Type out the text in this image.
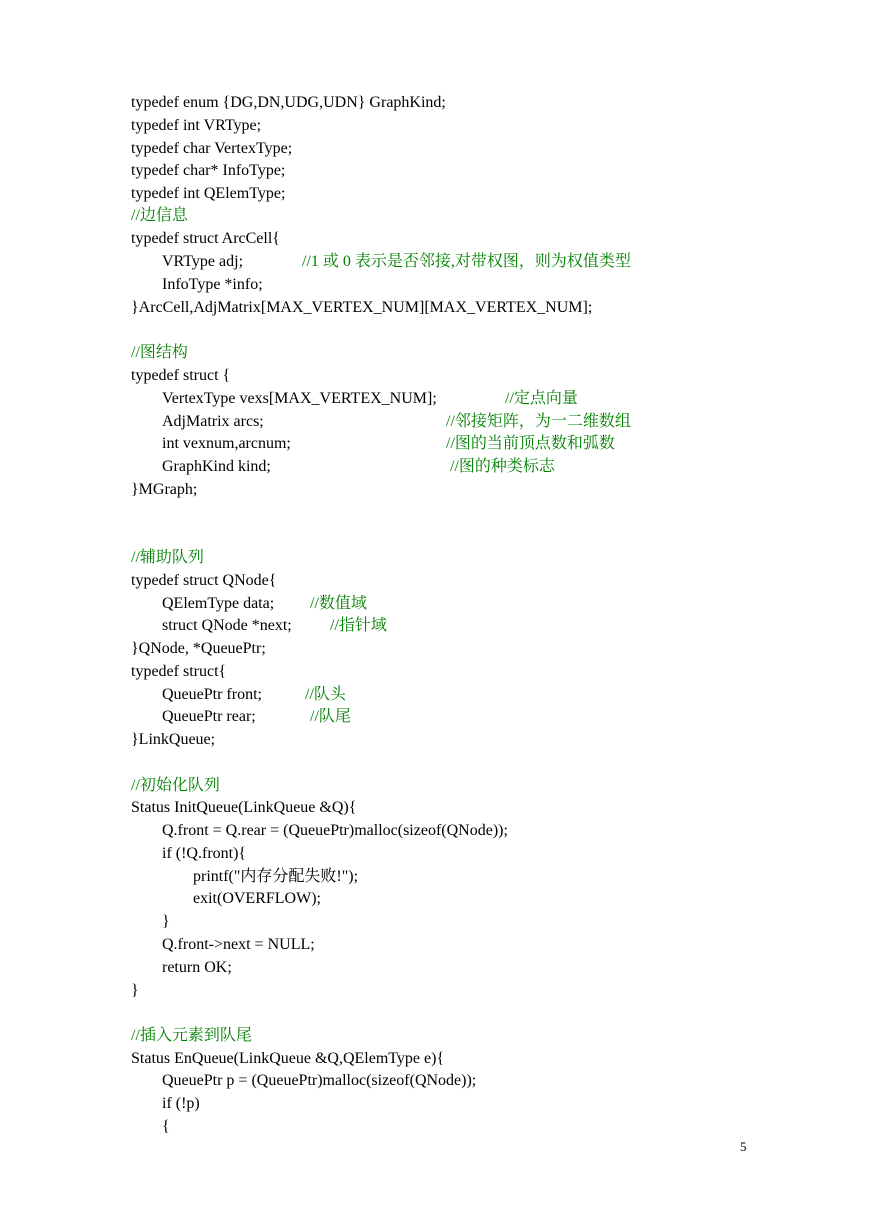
typedef enum {DG,DN,UDG,UDN} GraphKind;
typedef int VRType;
typedef char VertexType;
typedef char* InfoType;
typedef int QElemType;
//边信息
typedef struct ArcCell{
VRType adj;	//1 或 0 表示是否邻接,对带权图，则为权值类型
InfoType *info;
}ArcCell,AdjMatrix[MAX_VERTEX_NUM][MAX_VERTEX_NUM];
//图结构
typedef struct {
VertexType vexs[MAX_VERTEX_NUM];	//定点向量
AdjMatrix arcs;	//邻接矩阵，为一二维数组
int vexnum,arcnum;	//图的当前顶点数和弧数
GraphKind kind;	//图的种类标志
}MGraph;
//辅助队列
typedef struct QNode{
QElemType data; //数值域
struct QNode *next; //指针域
}QNode, *QueuePtr;
typedef struct{
QueuePtr front;	//队头
QueuePtr rear;	//队尾
}LinkQueue;
//初始化队列
Status InitQueue(LinkQueue &Q){
Q.front = Q.rear = (QueuePtr)malloc(sizeof(QNode));
if (!Q.front){
printf("内存分配失败!");
exit(OVERFLOW);
}
Q.front->next = NULL;
return OK;
}
//插入元素到队尾
Status EnQueue(LinkQueue &Q,QElemType e){
QueuePtr p = (QueuePtr)malloc(sizeof(QNode));
if (!p)
{
5
